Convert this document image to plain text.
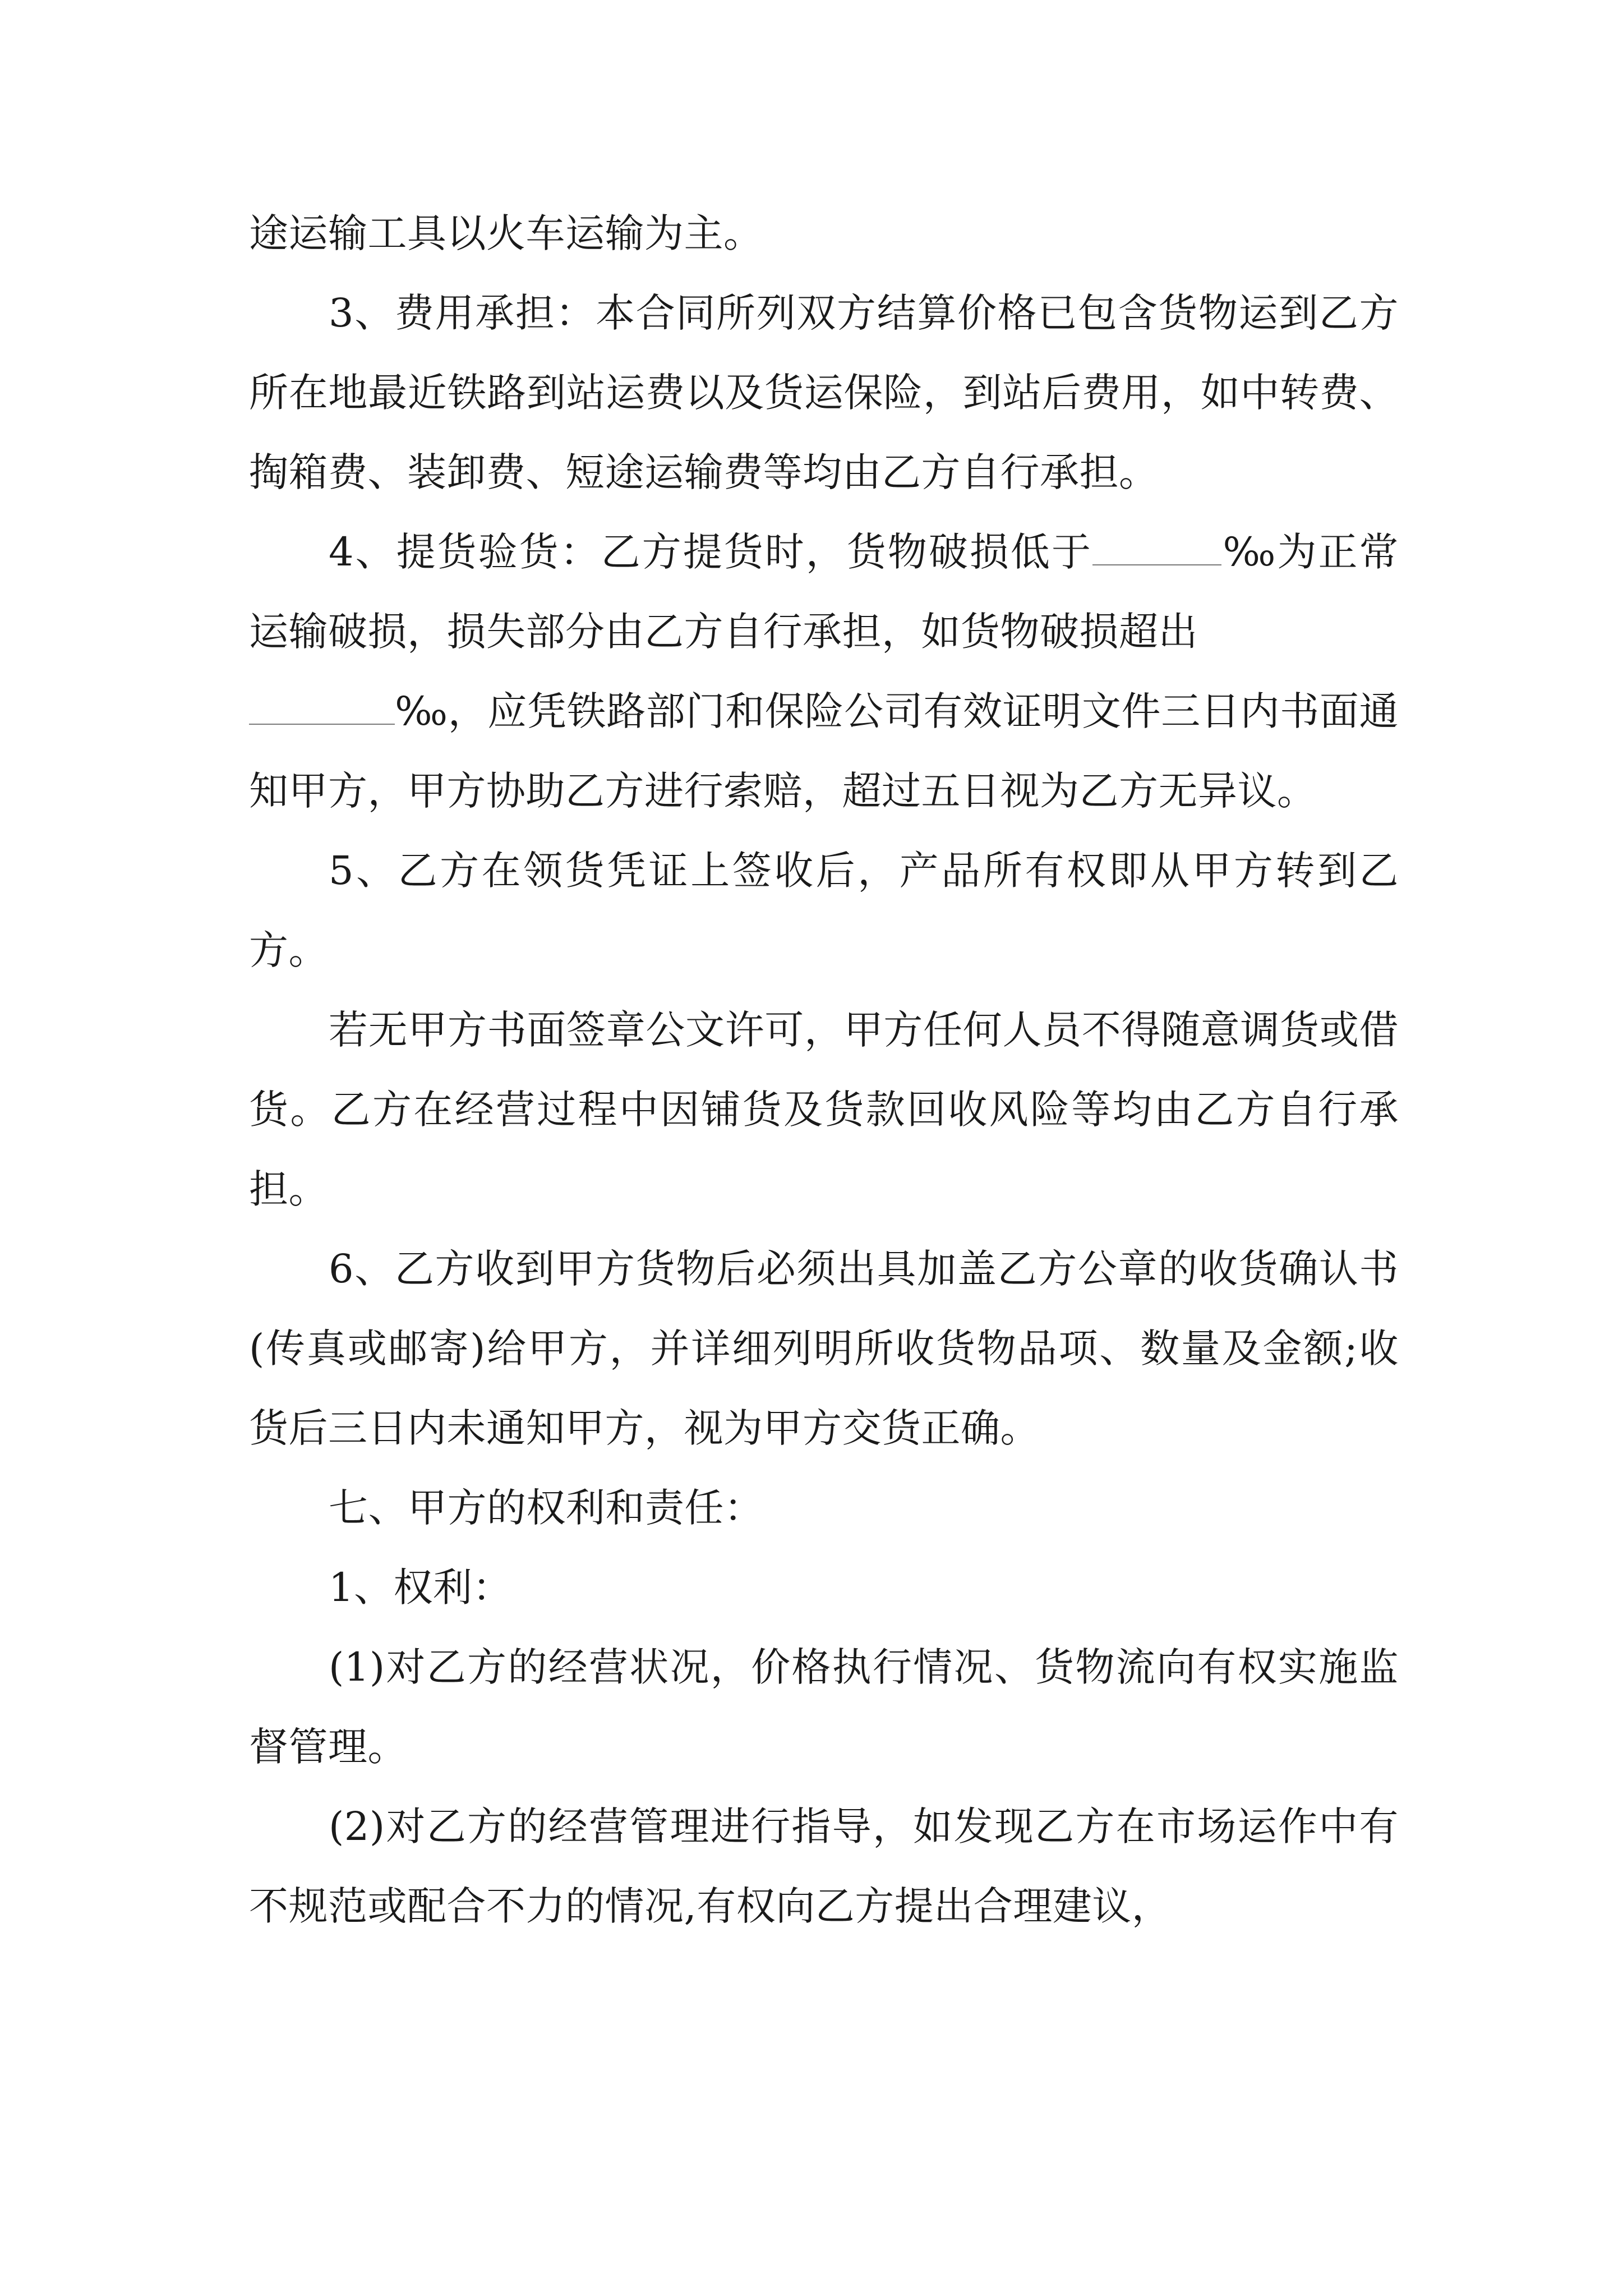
途运输工具以火车运输为主。

3、费用承担：本合同所列双方结算价格已包含货物运到乙方所在地最近铁路到站运费以及货运保险，到站后费用，如中转费、掏箱费、装卸费、短途运输费等均由乙方自行承担。

4、提货验货：乙方提货时，货物破损低于	‰为正常运输破损，损失部分由乙方自行承担，如货物破损超出
‰，应凭铁路部门和保险公司有效证明文件三日内书面通知甲方，甲方协助乙方进行索赔，超过五日视为乙方无异议。

5、乙方在领货凭证上签收后，产品所有权即从甲方转到乙方。

若无甲方书面签章公文许可，甲方任何人员不得随意调货或借货。乙方在经营过程中因铺货及货款回收风险等均由乙方自行承担。

6、乙方收到甲方货物后必须出具加盖乙方公章的收货确认书(传真或邮寄)给甲方，并详细列明所收货物品项、数量及金额;收货后三日内未通知甲方，视为甲方交货正确。

七、甲方的权利和责任：

1、权利：

(1)对乙方的经营状况，价格执行情况、货物流向有权实施监督管理。

(2)对乙方的经营管理进行指导，如发现乙方在市场运作中有不规范或配合不力的情况,有权向乙方提出合理建议，
